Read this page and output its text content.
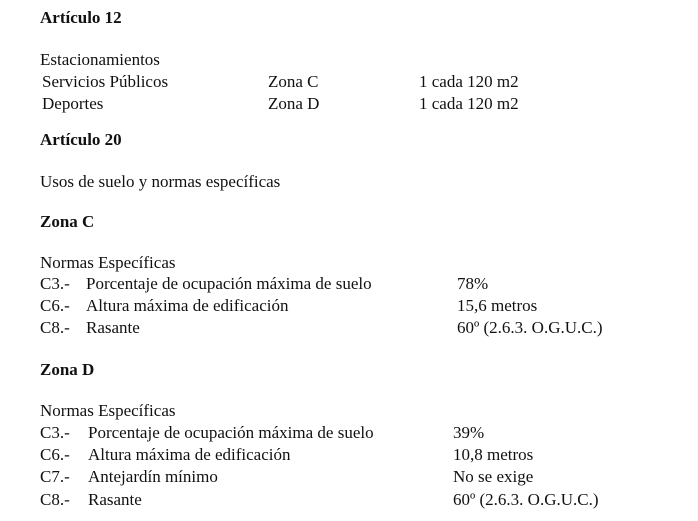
Artículo 12
Estacionamientos
Servicios Públicos	Zona C	1 cada 120 m2
Deportes	Zona D	1 cada 120 m2
Artículo 20
Usos de suelo y normas específicas
Zona C
Normas Específicas
C3.- Porcentaje de ocupación máxima de suelo	78%
C6.- Altura máxima de edificación	15,6 metros
C8.- Rasante	60º (2.6.3. O.G.U.C.)
Zona D
Normas Específicas
C3.- Porcentaje de ocupación máxima de suelo	39%
C6.- Altura máxima de edificación	10,8 metros
C7.- Antejardín mínimo	No se exige
C8.- Rasante	60º (2.6.3. O.G.U.C.)
